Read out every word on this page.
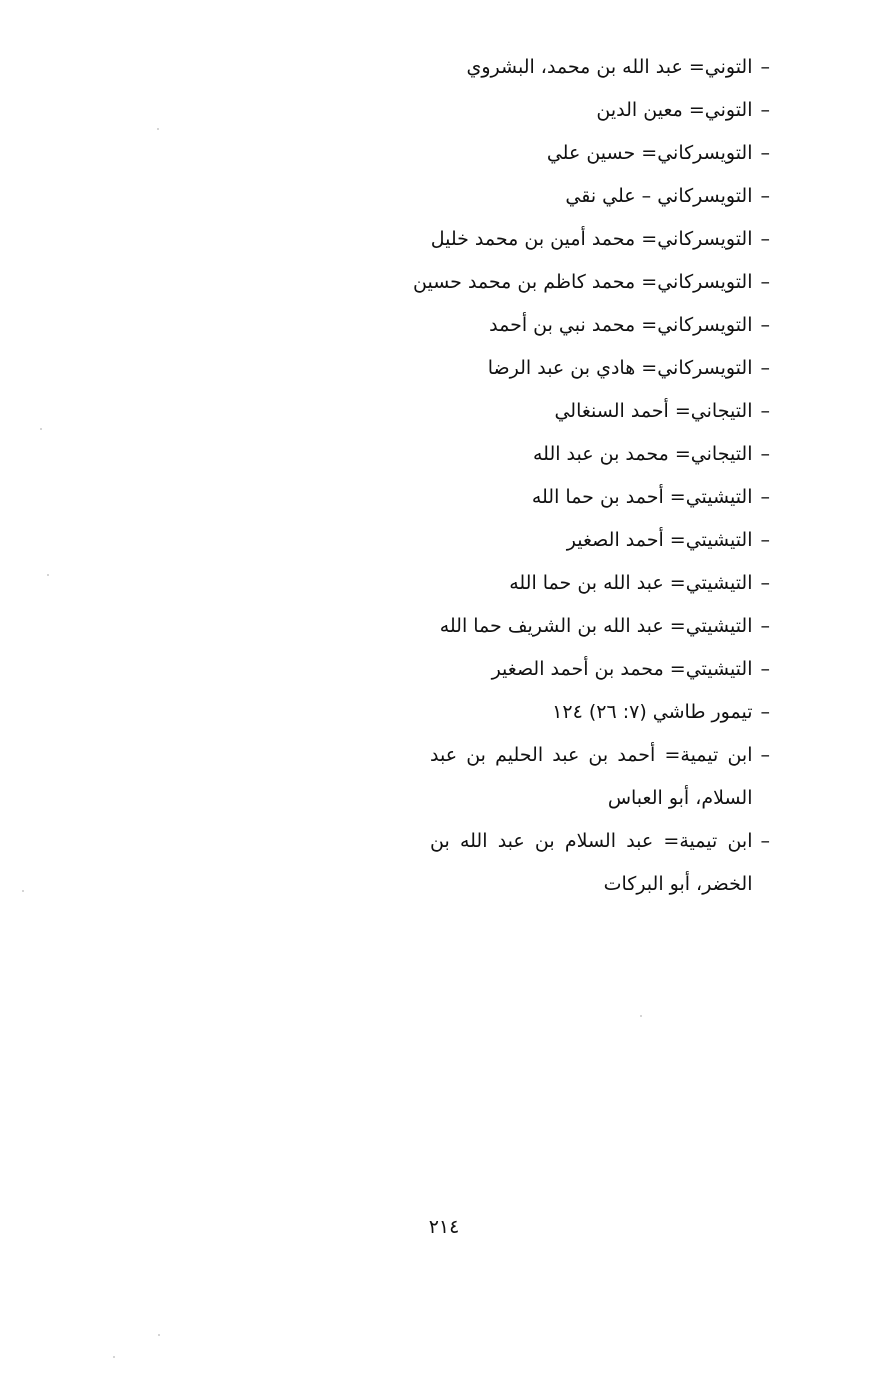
–
التوني= عبد الله بن محمد، البشروي
–
التوني= معين الدين
–
التويسركاني= حسين علي
–
التويسركاني – علي نقي
–
التويسركاني= محمد أمين بن محمد خليل
–
التويسركاني= محمد كاظم بن محمد حسين
–
التويسركاني= محمد نبي بن أحمد
–
التويسركاني= هادي بن عبد الرضا
–
التيجاني= أحمد السنغالي
–
التيجاني= محمد بن عبد الله
–
التيشيتي= أحمد بن حما الله
–
التيشيتي= أحمد الصغير
–
التيشيتي= عبد الله بن حما الله
–
التيشيتي= عبد الله بن الشريف حما الله
–
التيشيتي= محمد بن أحمد الصغير
–
تيمور طاشي (٧: ٢٦) ١٢٤
–
ابن تيمية= أحمد بن عبد الحليم بن عبد السلام، أبو العباس
–
ابن تيمية= عبد السلام بن عبد الله بن الخضر، أبو البركات
٢١٤
